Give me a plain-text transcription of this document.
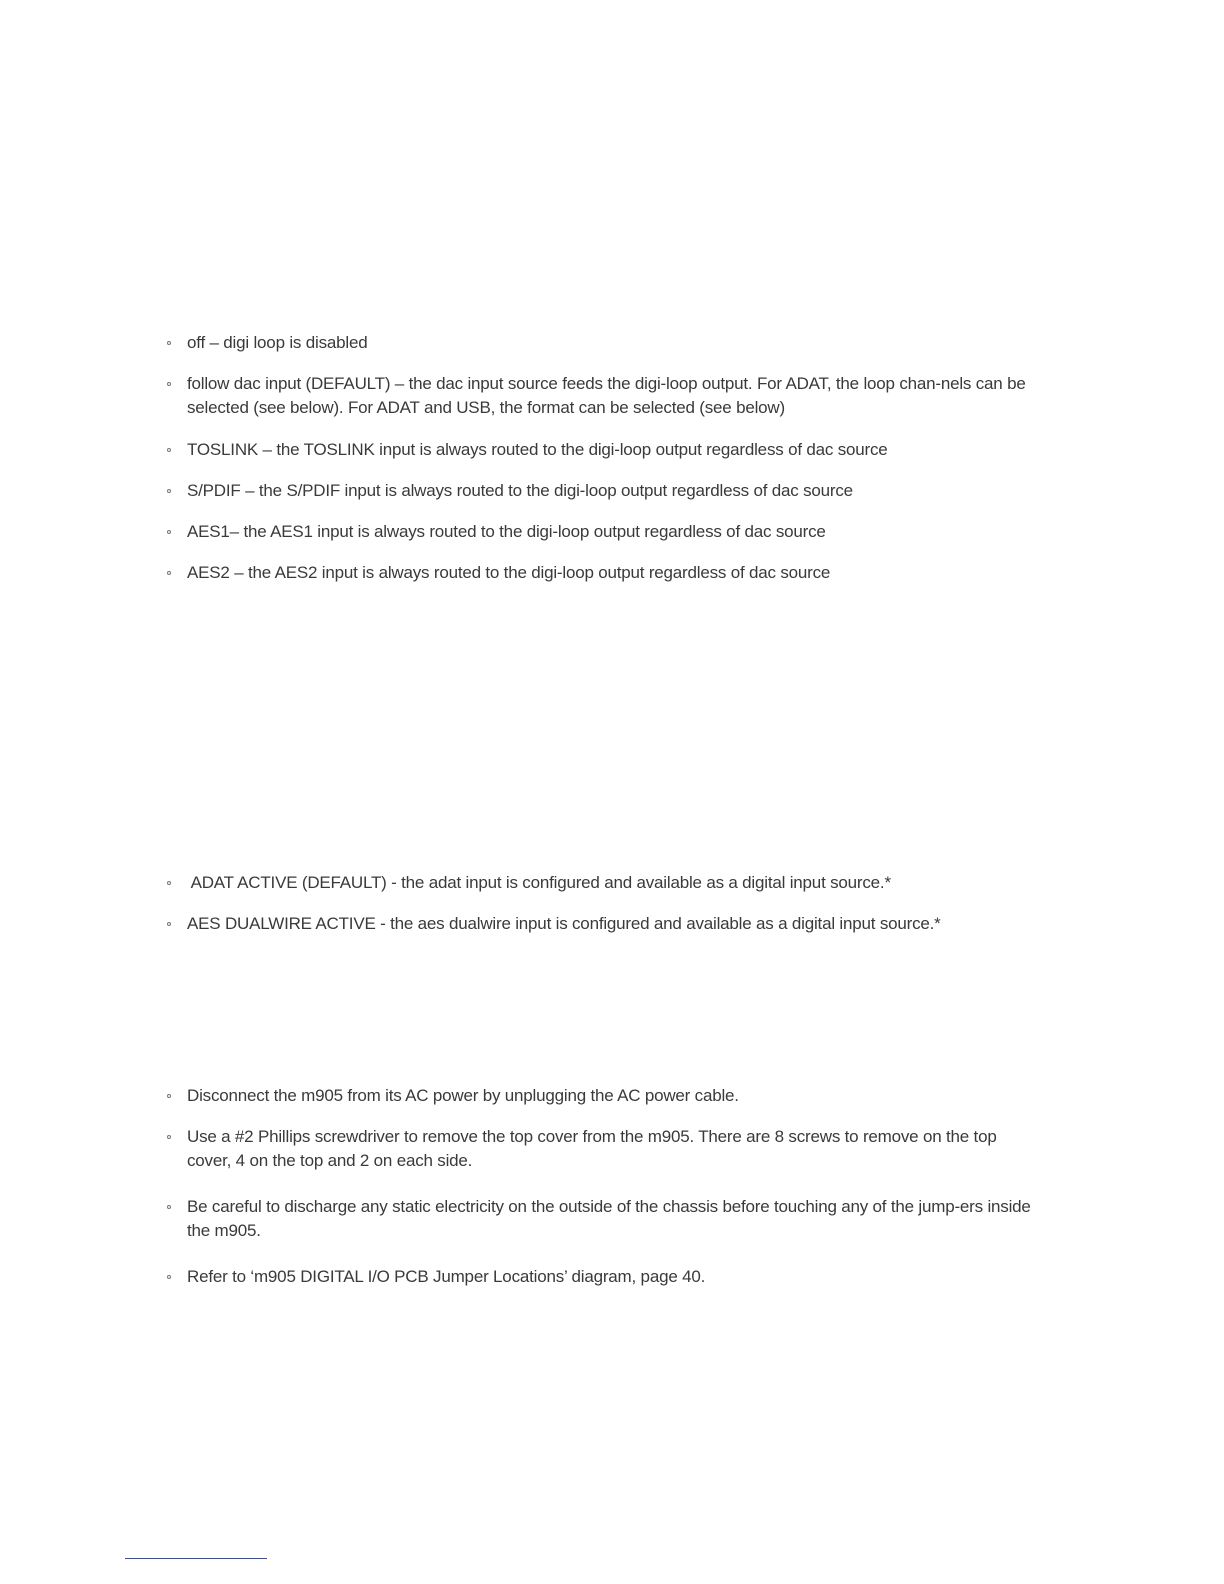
off – digi loop is disabled
follow dac input (DEFAULT) – the dac input source feeds the digi-loop output. For ADAT, the loop chan-nels can be selected (see below). For ADAT and USB, the format can be selected (see below)
TOSLINK – the TOSLINK input is always routed to the digi-loop output regardless of dac source
S/PDIF – the S/PDIF input is always routed to the digi-loop output regardless of dac source
AES1– the AES1 input is always routed to the digi-loop output regardless of dac source
AES2 – the AES2 input is always routed to the digi-loop output regardless of dac source
ADAT ACTIVE (DEFAULT) - the adat input is configured and available as a digital input source.*
AES DUALWIRE ACTIVE - the aes dualwire input is configured and available as a digital input source.*
Disconnect the m905 from its AC power by unplugging the AC power cable.
Use a #2 Phillips screwdriver to remove the top cover from the m905. There are 8 screws to remove on the top cover, 4 on the top and 2 on each side.
Be careful to discharge any static electricity on the outside of the chassis before touching any of the jump-ers inside the m905.
Refer to ‘m905 DIGITAL I/O PCB Jumper Locations’ diagram, page 40.
